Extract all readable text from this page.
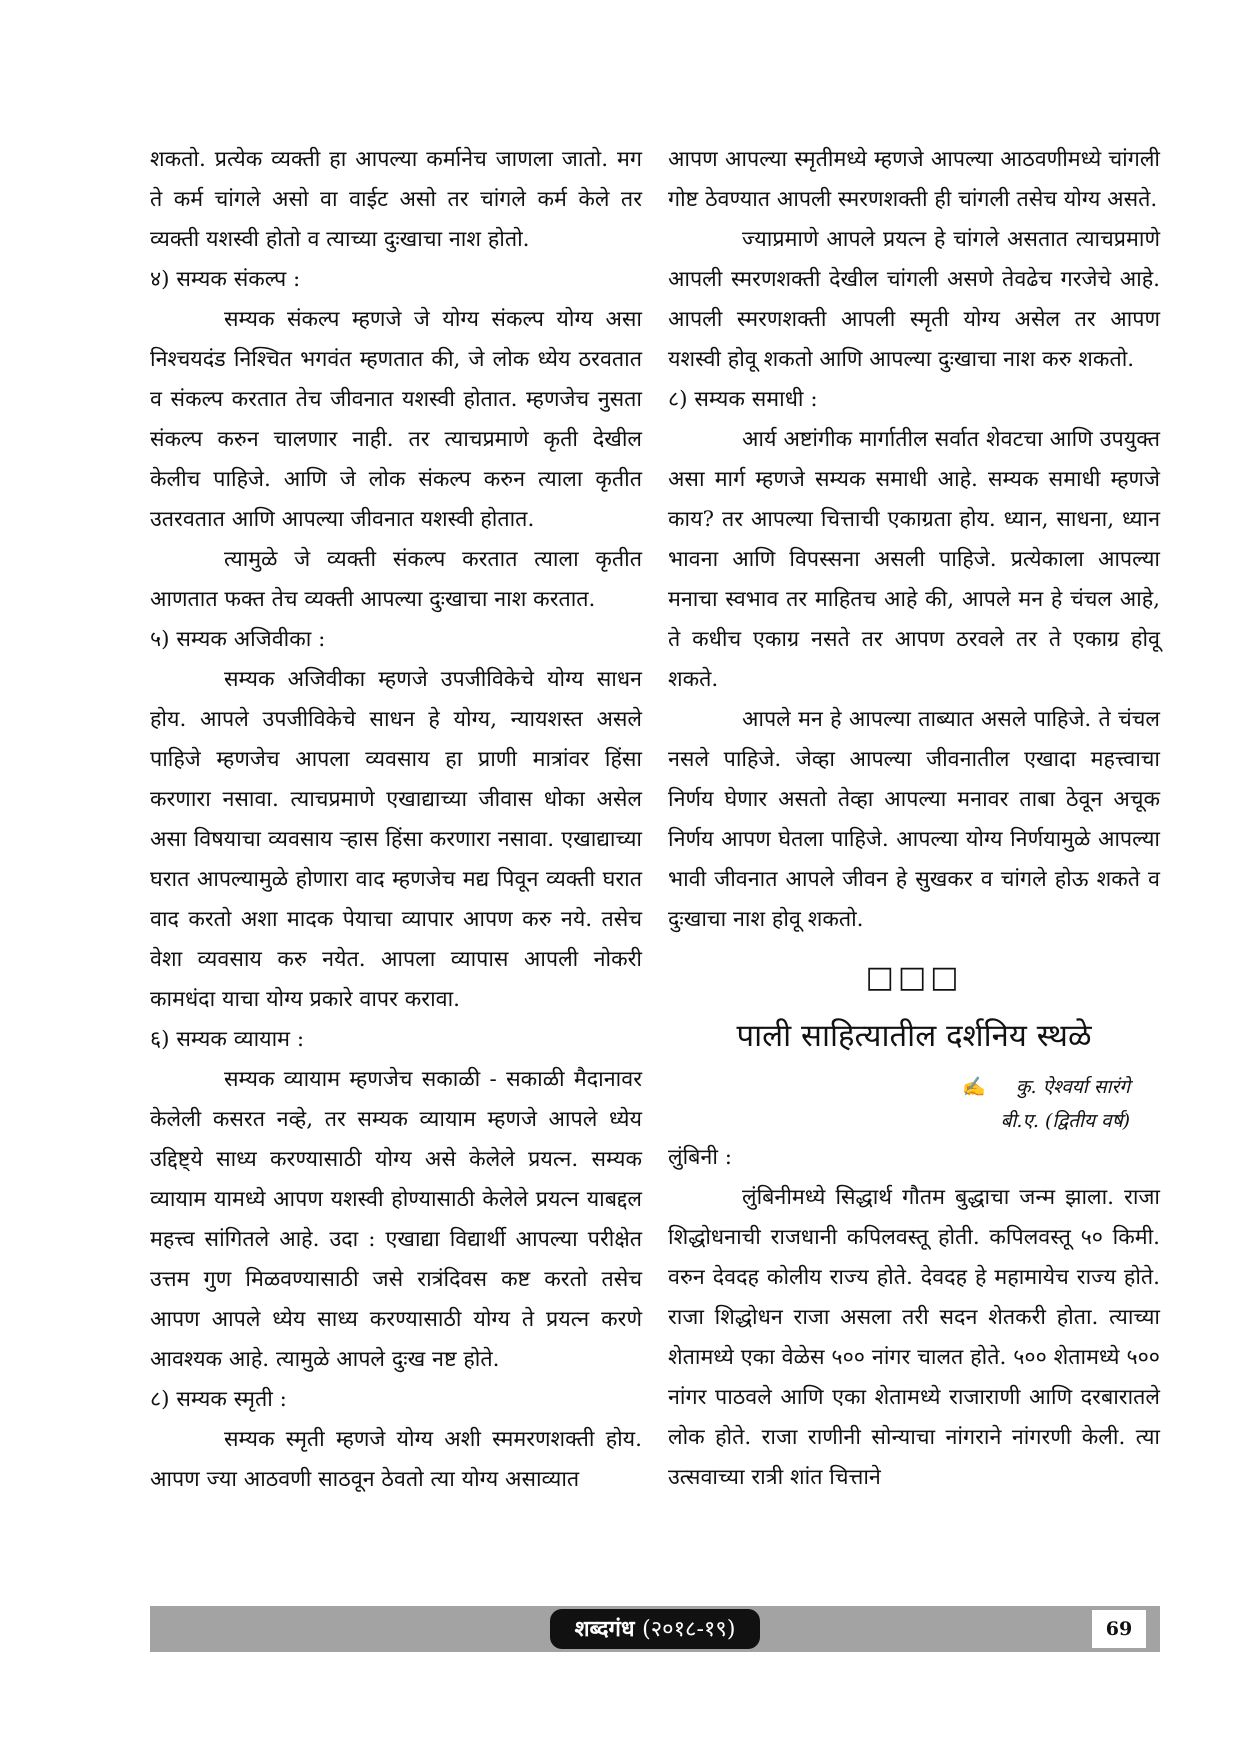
शकतो. प्रत्येक व्यक्ती हा आपल्या कर्मानेच जाणला जातो. मग ते कर्म चांगले असो वा वाईट असो तर चांगले कर्म केले तर व्यक्ती यशस्वी होतो व त्याच्या दुःखाचा नाश होतो.

४) सम्यक संकल्प :

सम्यक संकल्प म्हणजे जे योग्य संकल्प योग्य असा निश्चयदंड निश्चित भगवंत म्हणतात की, जे लोक ध्येय ठरवतात व संकल्प करतात तेच जीवनात यशस्वी होतात. म्हणजेच नुसता संकल्प करुन चालणार नाही. तर त्याचप्रमाणे कृती देखील केलीच पाहिजे. आणि जे लोक संकल्प करुन त्याला कृतीत उतरवतात आणि आपल्या जीवनात यशस्वी होतात.

त्यामुळे जे व्यक्ती संकल्प करतात त्याला कृतीत आणतात फक्त तेच व्यक्ती आपल्या दुःखाचा नाश करतात.

५) सम्यक अजिवीका :

सम्यक अजिवीका म्हणजे उपजीविकेचे योग्य साधन होय. आपले उपजीविकेचे साधन हे योग्य, न्यायशस्त असले पाहिजे म्हणजेच आपला व्यवसाय हा प्राणी मात्रांवर हिंसा करणारा नसावा. त्याचप्रमाणे एखाद्याच्या जीवास धोका असेल असा विषयाचा व्यवसाय ऱ्हास हिंसा करणारा नसावा. एखाद्याच्या घरात आपल्यामुळे होणारा वाद म्हणजेच मद्य पिवून व्यक्ती घरात वाद करतो अशा मादक पेयाचा व्यापार आपण करु नये. तसेच वेशा व्यवसाय करु नयेत. आपला व्यापास आपली नोकरी कामधंदा याचा योग्य प्रकारे वापर करावा.

६) सम्यक व्यायाम :

सम्यक व्यायाम म्हणजेच सकाळी - सकाळी मैदानावर केलेली कसरत नव्हे, तर सम्यक व्यायाम म्हणजे आपले ध्येय उद्दिष्ट्ये साध्य करण्यासाठी योग्य असे केलेले प्रयत्न. सम्यक व्यायाम यामध्ये आपण यशस्वी होण्यासाठी केलेले प्रयत्न याबद्दल महत्त्व सांगितले आहे. उदा : एखाद्या विद्यार्थी आपल्या परीक्षेत उत्तम गुण मिळवण्यासाठी जसे रात्रंदिवस कष्ट करतो तसेच आपण आपले ध्येय साध्य करण्यासाठी योग्य ते प्रयत्न करणे आवश्यक आहे. त्यामुळे आपले दुःख नष्ट होते.

८) सम्यक स्मृती :

सम्यक स्मृती म्हणजे योग्य अशी स्ममरणशक्ती होय. आपण ज्या आठवणी साठवून ठेवतो त्या योग्य असाव्यात

आपण आपल्या स्मृतीमध्ये म्हणजे आपल्या आठवणीमध्ये चांगली गोष्ट ठेवण्यात आपली स्मरणशक्ती ही चांगली तसेच योग्य असते.

ज्याप्रमाणे आपले प्रयत्न हे चांगले असतात त्याचप्रमाणे आपली स्मरणशक्ती देखील चांगली असणे तेवढेच गरजेचे आहे. आपली स्मरणशक्ती आपली स्मृती योग्य असेल तर आपण यशस्वी होवू शकतो आणि आपल्या दुःखाचा नाश करु शकतो.

८) सम्यक समाधी :

आर्य अष्टांगीक मार्गातील सर्वात शेवटचा आणि उपयुक्त असा मार्ग म्हणजे सम्यक समाधी आहे. सम्यक समाधी म्हणजे काय? तर आपल्या चित्ताची एकाग्रता होय. ध्यान, साधना, ध्यान भावना आणि विपस्सना असली पाहिजे. प्रत्येकाला आपल्या मनाचा स्वभाव तर माहितच आहे की, आपले मन हे चंचल आहे, ते कधीच एकाग्र नसते तर आपण ठरवले तर ते एकाग्र होवू शकते.

आपले मन हे आपल्या ताब्यात असले पाहिजे. ते चंचल नसले पाहिजे. जेव्हा आपल्या जीवनातील एखादा महत्त्वाचा निर्णय घेणार असतो तेव्हा आपल्या मनावर ताबा ठेवून अचूक निर्णय आपण घेतला पाहिजे. आपल्या योग्य निर्णयामुळे आपल्या भावी जीवनात आपले जीवन हे सुखकर व चांगले होऊ शकते व दुःखाचा नाश होवू शकतो.

□□□
पाली साहित्यातील दर्शनिय स्थळे
✍ कु. ऐश्वर्या सारंगे
बी.ए. (द्वितीय वर्ष)

लुंबिनी :

लुंबिनीमध्ये सिद्धार्थ गौतम बुद्धाचा जन्म झाला. राजा शिद्धोधनाची राजधानी कपिलवस्तू होती. कपिलवस्तू ५० किमी. वरुन देवदह कोलीय राज्य होते. देवदह हे महामायेच राज्य होते. राजा शिद्धोधन राजा असला तरी सदन शेतकरी होता. त्याच्या शेतामध्ये एका वेळेस ५०० नांगर चालत होते. ५०० शेतामध्ये ५०० नांगर पाठवले आणि एका शेतामध्ये राजाराणी आणि दरबारातले लोक होते. राजा राणीनी सोन्याचा नांगराने नांगरणी केली. त्या उत्सवाच्या रात्री शांत चित्ताने

शब्दगंध (२०१८-१९)	69
